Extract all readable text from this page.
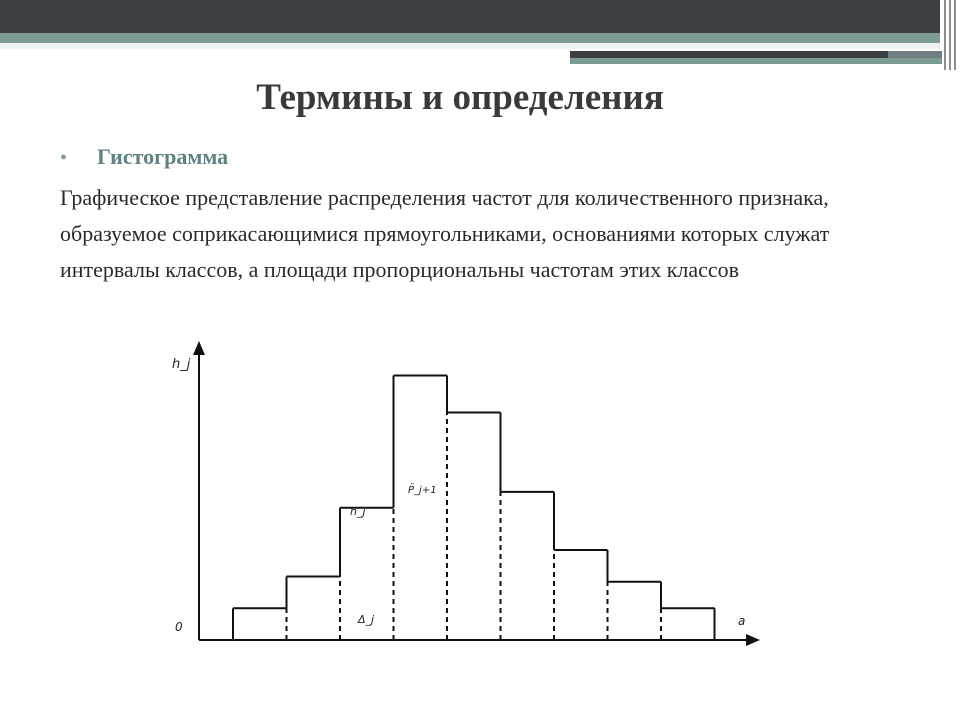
Термины и определения
• Гистограмма
Графическое представление распределения частот для количественного признака, образуемое соприкасающимися прямоугольниками, основаниями которых служат интервалы классов, а площади пропорциональны частотам этих классов
h_j
0	a
h_j
Δ_j
P̄_j+1
